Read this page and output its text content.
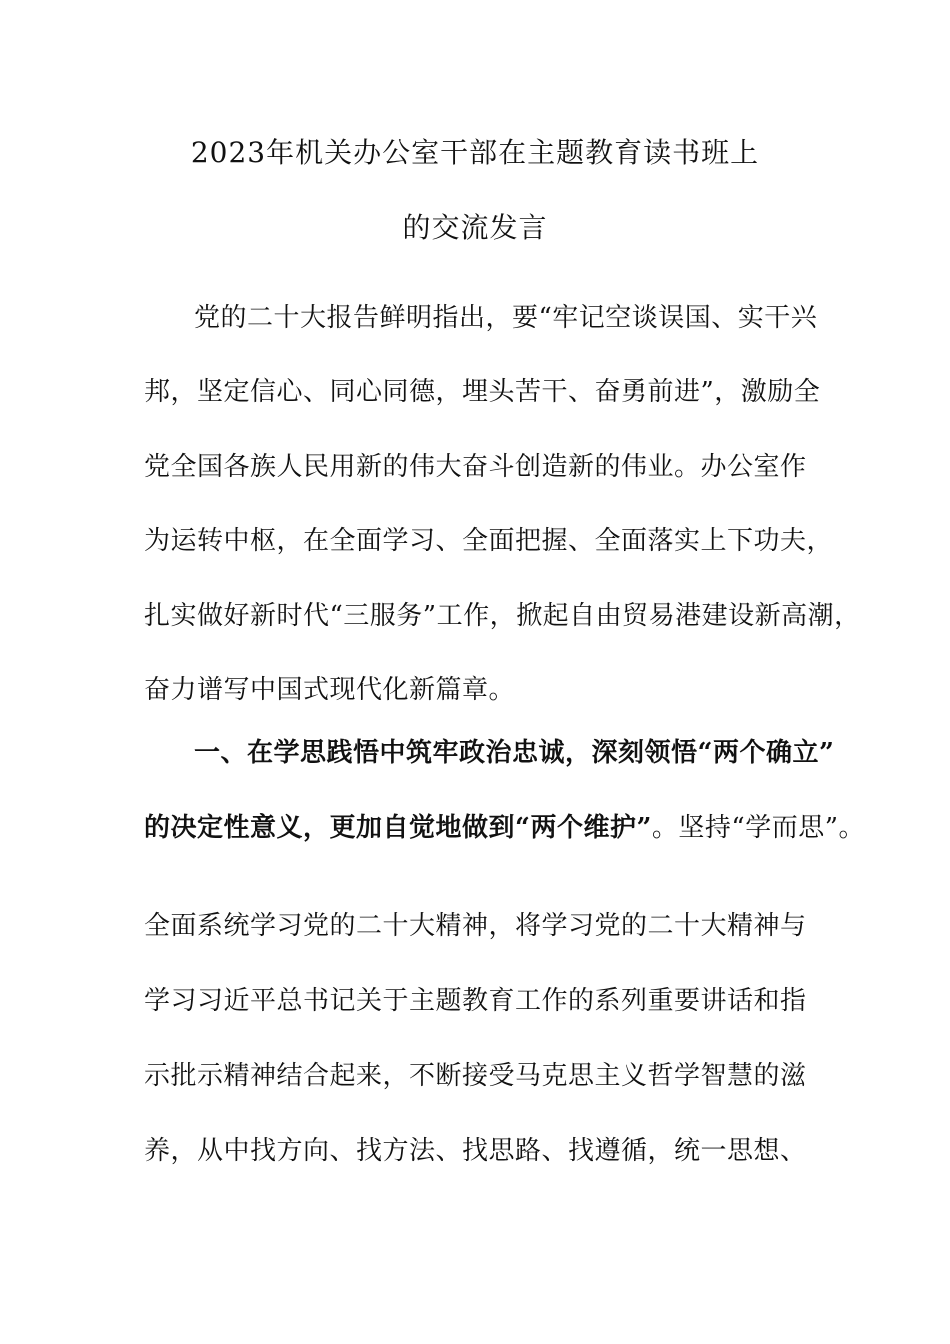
2023年机关办公室干部在主题教育读书班上
的交流发言
党的二十大报告鲜明指出，要“牢记空谈误国、实干兴
邦，坚定信心、同心同德，埋头苦干、奋勇前进”，激励全
党全国各族人民用新的伟大奋斗创造新的伟业。办公室作
为运转中枢，在全面学习、全面把握、全面落实上下功夫，
扎实做好新时代“三服务”工作，掀起自由贸易港建设新高潮，
奋力谱写中国式现代化新篇章。
一、在学思践悟中筑牢政治忠诚，深刻领悟“两个确立”
的决定性意义，更加自觉地做到“两个维护”。坚持“学而思”。
全面系统学习党的二十大精神，将学习党的二十大精神与
学习习近平总书记关于主题教育工作的系列重要讲话和指
示批示精神结合起来，不断接受马克思主义哲学智慧的滋
养，从中找方向、找方法、找思路、找遵循，统一思想、
